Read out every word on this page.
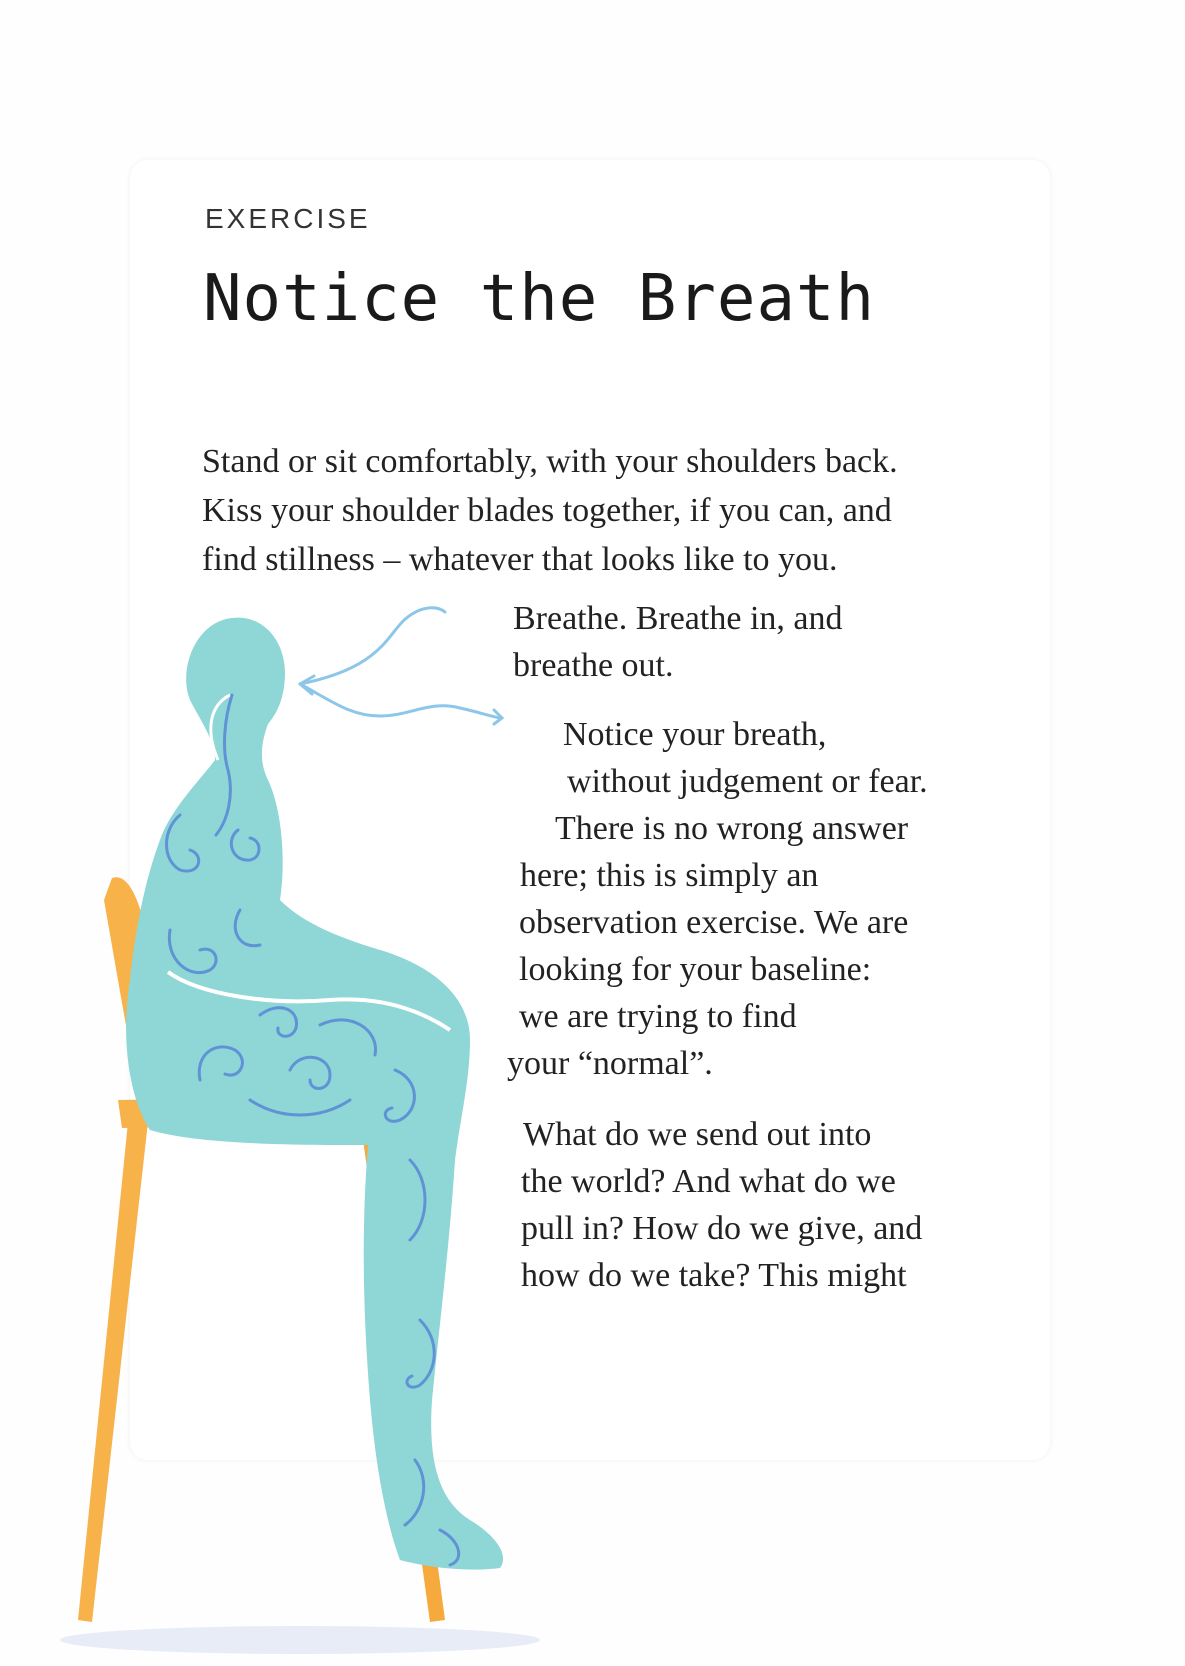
EXERCISE
Notice the Breath

Stand or sit comfortably, with your shoulders back.

Kiss your shoulder blades together, if you can, and

find stillness – whatever that looks like to you.

Breathe. Breathe in, and
breathe out.
Notice your breath,
without judgement or fear.
There is no wrong answer
here; this is simply an
observation exercise. We are
looking for your baseline:
we are trying to find
your “normal”.
What do we send out into
the world? And what do we
pull in? How do we give, and
how do we take? This might
